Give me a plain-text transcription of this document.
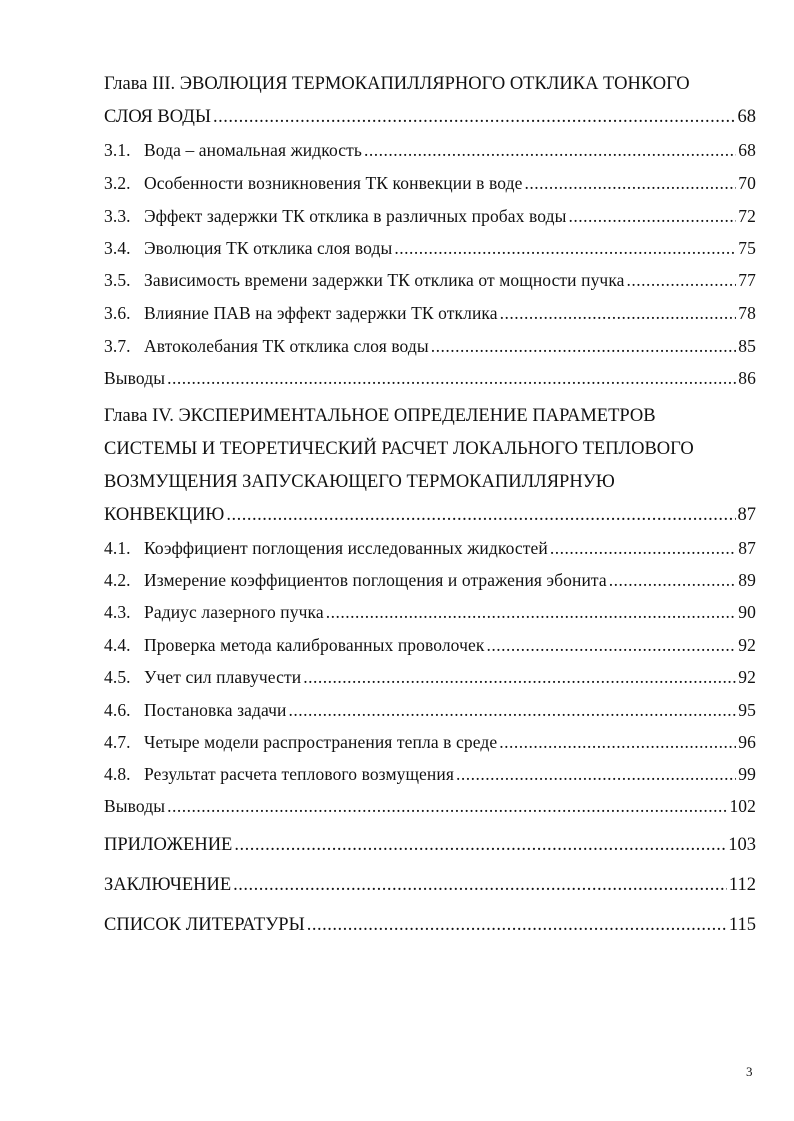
Глава III. ЭВОЛЮЦИЯ ТЕРМОКАПИЛЛЯРНОГО ОТКЛИКА ТОНКОГО
СЛОЯ ВОДЫ .....	68
3.1. Вода – аномальная жидкость .....	68
3.2. Особенности возникновения ТК конвекции в воде .....	70
3.3. Эффект задержки ТК отклика в различных пробах воды .....	72
3.4. Эволюция ТК отклика слоя воды .....	75
3.5. Зависимость времени задержки ТК отклика от мощности пучка .....	77
3.6. Влияние ПАВ на эффект задержки ТК отклика .....	78
3.7. Автоколебания ТК отклика слоя воды .....	85
Выводы .....	86
Глава IV. ЭКСПЕРИМЕНТАЛЬНОЕ ОПРЕДЕЛЕНИЕ ПАРАМЕТРОВ
СИСТЕМЫ И ТЕОРЕТИЧЕСКИЙ РАСЧЕТ ЛОКАЛЬНОГО ТЕПЛОВОГО
ВОЗМУЩЕНИЯ ЗАПУСКАЮЩЕГО ТЕРМОКАПИЛЛЯРНУЮ
КОНВЕКЦИЮ .....	87
4.1. Коэффициент поглощения исследованных жидкостей .....	87
4.2. Измерение коэффициентов поглощения и отражения эбонита .....	89
4.3. Радиус лазерного пучка .....	90
4.4. Проверка метода калиброванных проволочек .....	92
4.5. Учет сил плавучести .....	92
4.6. Постановка задачи .....	95
4.7. Четыре модели распространения тепла в среде .....	96
4.8. Результат расчета теплового возмущения .....	99
Выводы .....	102
ПРИЛОЖЕНИЕ .....	103
ЗАКЛЮЧЕНИЕ .....	112
СПИСОК ЛИТЕРАТУРЫ .....	115
3
